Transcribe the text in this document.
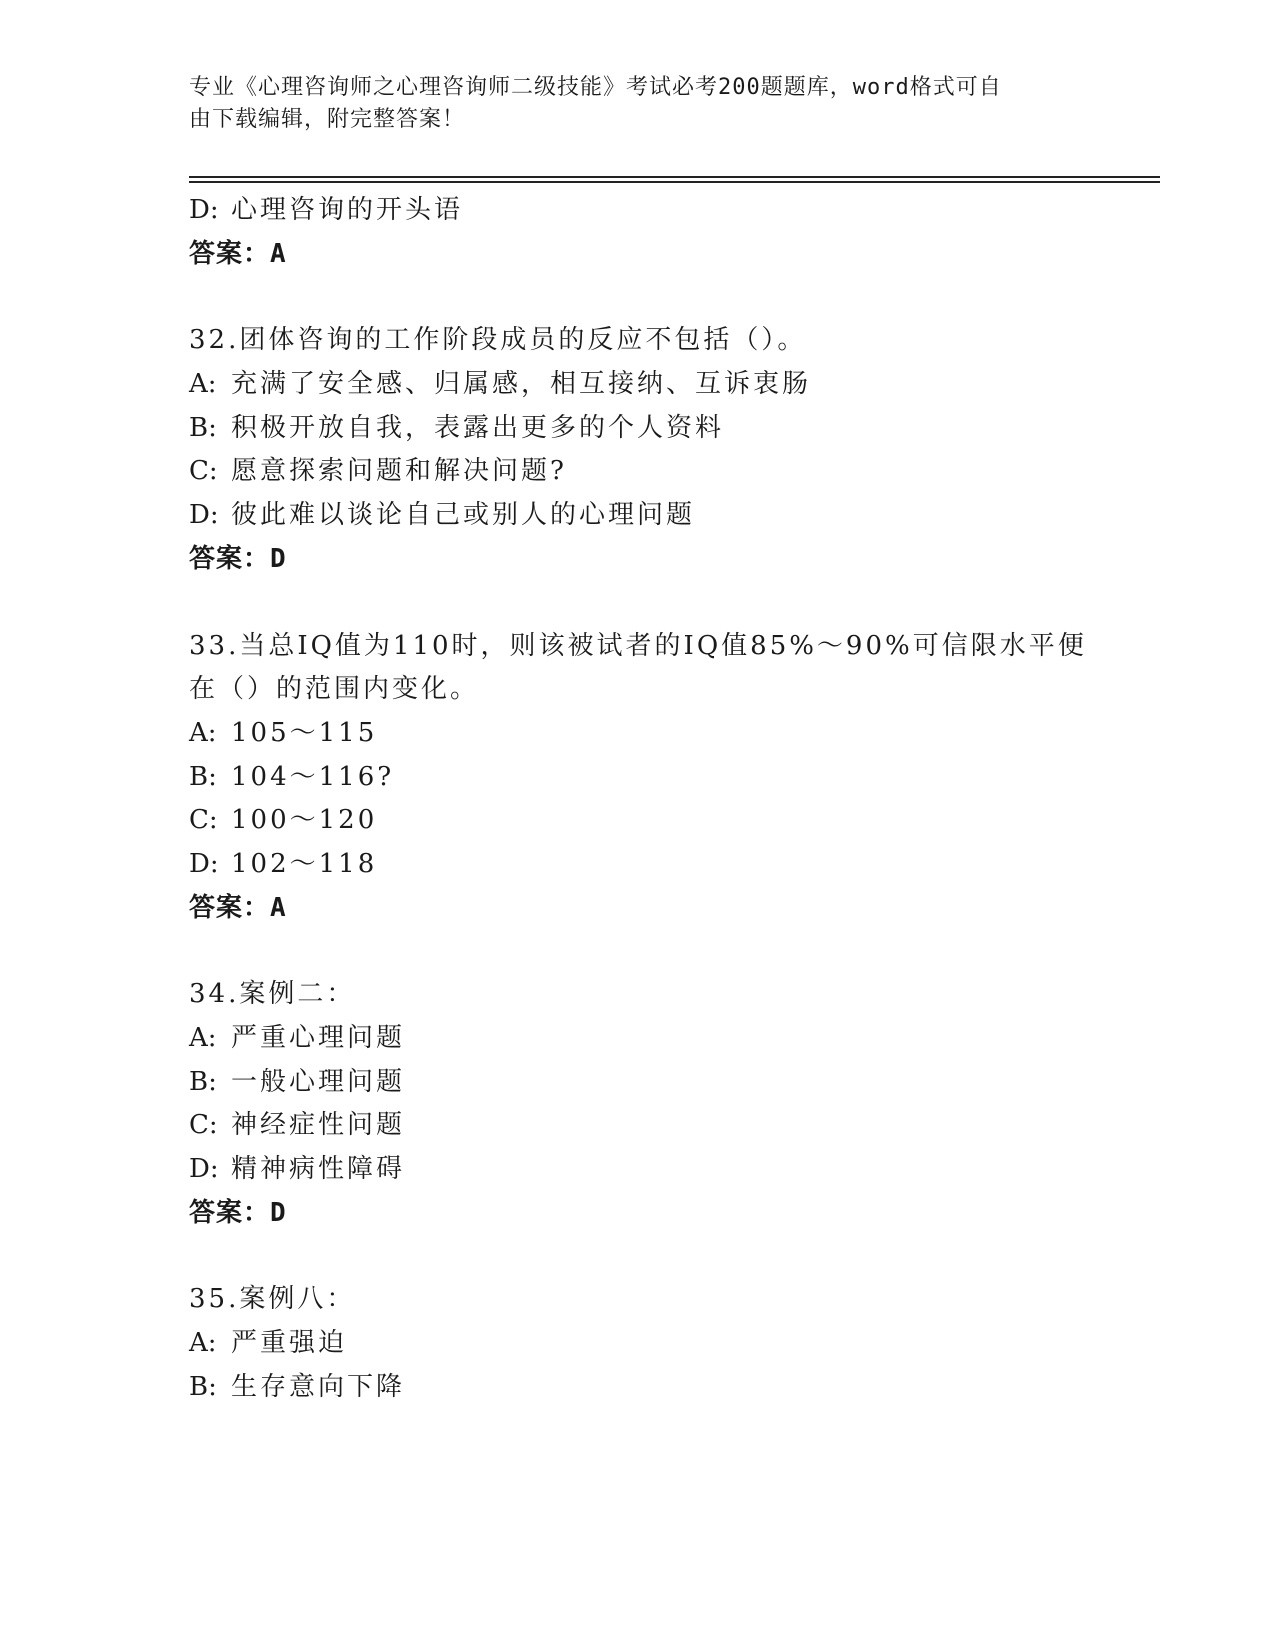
专业《心理咨询师之心理咨询师二级技能》考试必考200题题库，word格式可自
由下载编辑，附完整答案！
D: 心理咨询的开头语
答案：A
32.团体咨询的工作阶段成员的反应不包括（）。
A: 充满了安全感、归属感，相互接纳、互诉衷肠
B: 积极开放自我，表露出更多的个人资料
C: 愿意探索问题和解决问题?
D: 彼此难以谈论自己或别人的心理问题
答案：D
33.当总IQ值为110时，则该被试者的IQ值85%～90%可信限水平便
在（）的范围内变化。
A: 105～115
B: 104～116?
C: 100～120
D: 102～118
答案：A
34.案例二：
A: 严重心理问题
B: 一般心理问题
C: 神经症性问题
D: 精神病性障碍
答案：D
35.案例八：
A: 严重强迫
B: 生存意向下降
